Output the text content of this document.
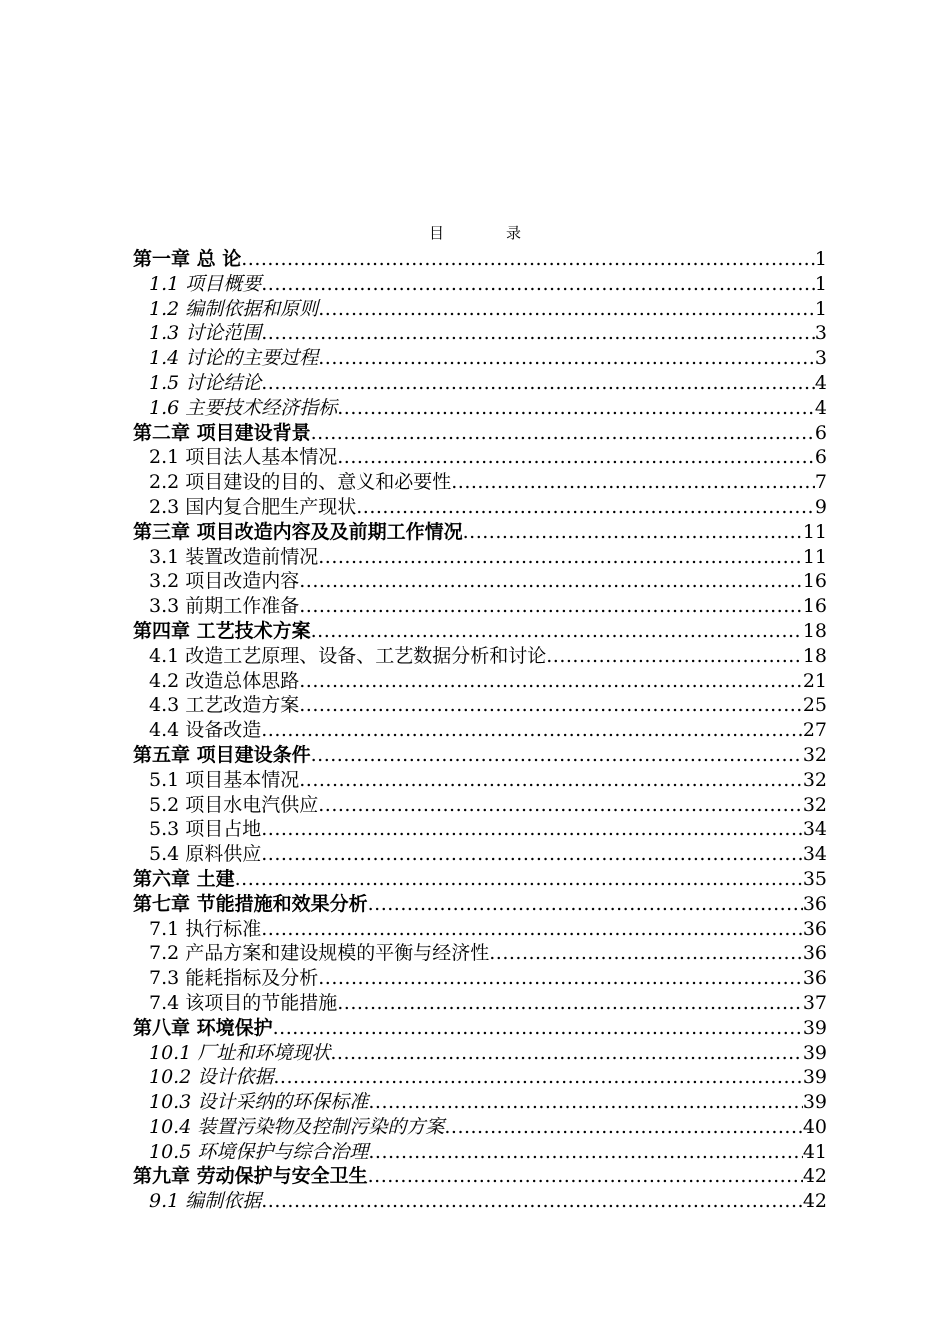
目	录
第一章 总 论 .....	1
1.1 项目概要 .....	1
1.2 编制依据和原则 .....	1
1.3 讨论范围 .....	3
1.4 讨论的主要过程 .....	3
1.5 讨论结论 .....	4
1.6 主要技术经济指标 .....	4
第二章 项目建设背景 .....	6
2.1 项目法人基本情况 .....	6
2.2 项目建设的目的、意义和必要性 .....	7
2.3 国内复合肥生产现状 .....	9
第三章 项目改造内容及及前期工作情况 .....	11
3.1 装置改造前情况 .....	11
3.2 项目改造内容 .....	16
3.3 前期工作准备 .....	16
第四章 工艺技术方案 .....	18
4.1 改造工艺原理、设备、工艺数据分析和讨论 .....	18
4.2 改造总体思路 .....	21
4.3 工艺改造方案 .....	25
4.4 设备改造 .....	27
第五章 项目建设条件 .....	32
5.1 项目基本情况 .....	32
5.2 项目水电汽供应 .....	32
5.3 项目占地 .....	34
5.4 原料供应 .....	34
第六章 土建 .....	35
第七章 节能措施和效果分析 .....	36
7.1 执行标准 .....	36
7.2 产品方案和建设规模的平衡与经济性 .....	36
7.3 能耗指标及分析 .....	36
7.4 该项目的节能措施 .....	37
第八章 环境保护 .....	39
10.1 厂址和环境现状 .....	39
10.2 设计依据 .....	39
10.3 设计采纳的环保标准 .....	39
10.4 装置污染物及控制污染的方案 .....	40
10.5 环境保护与综合治理 .....	41
第九章 劳动保护与安全卫生 .....	42
9.1 编制依据 .....	42
